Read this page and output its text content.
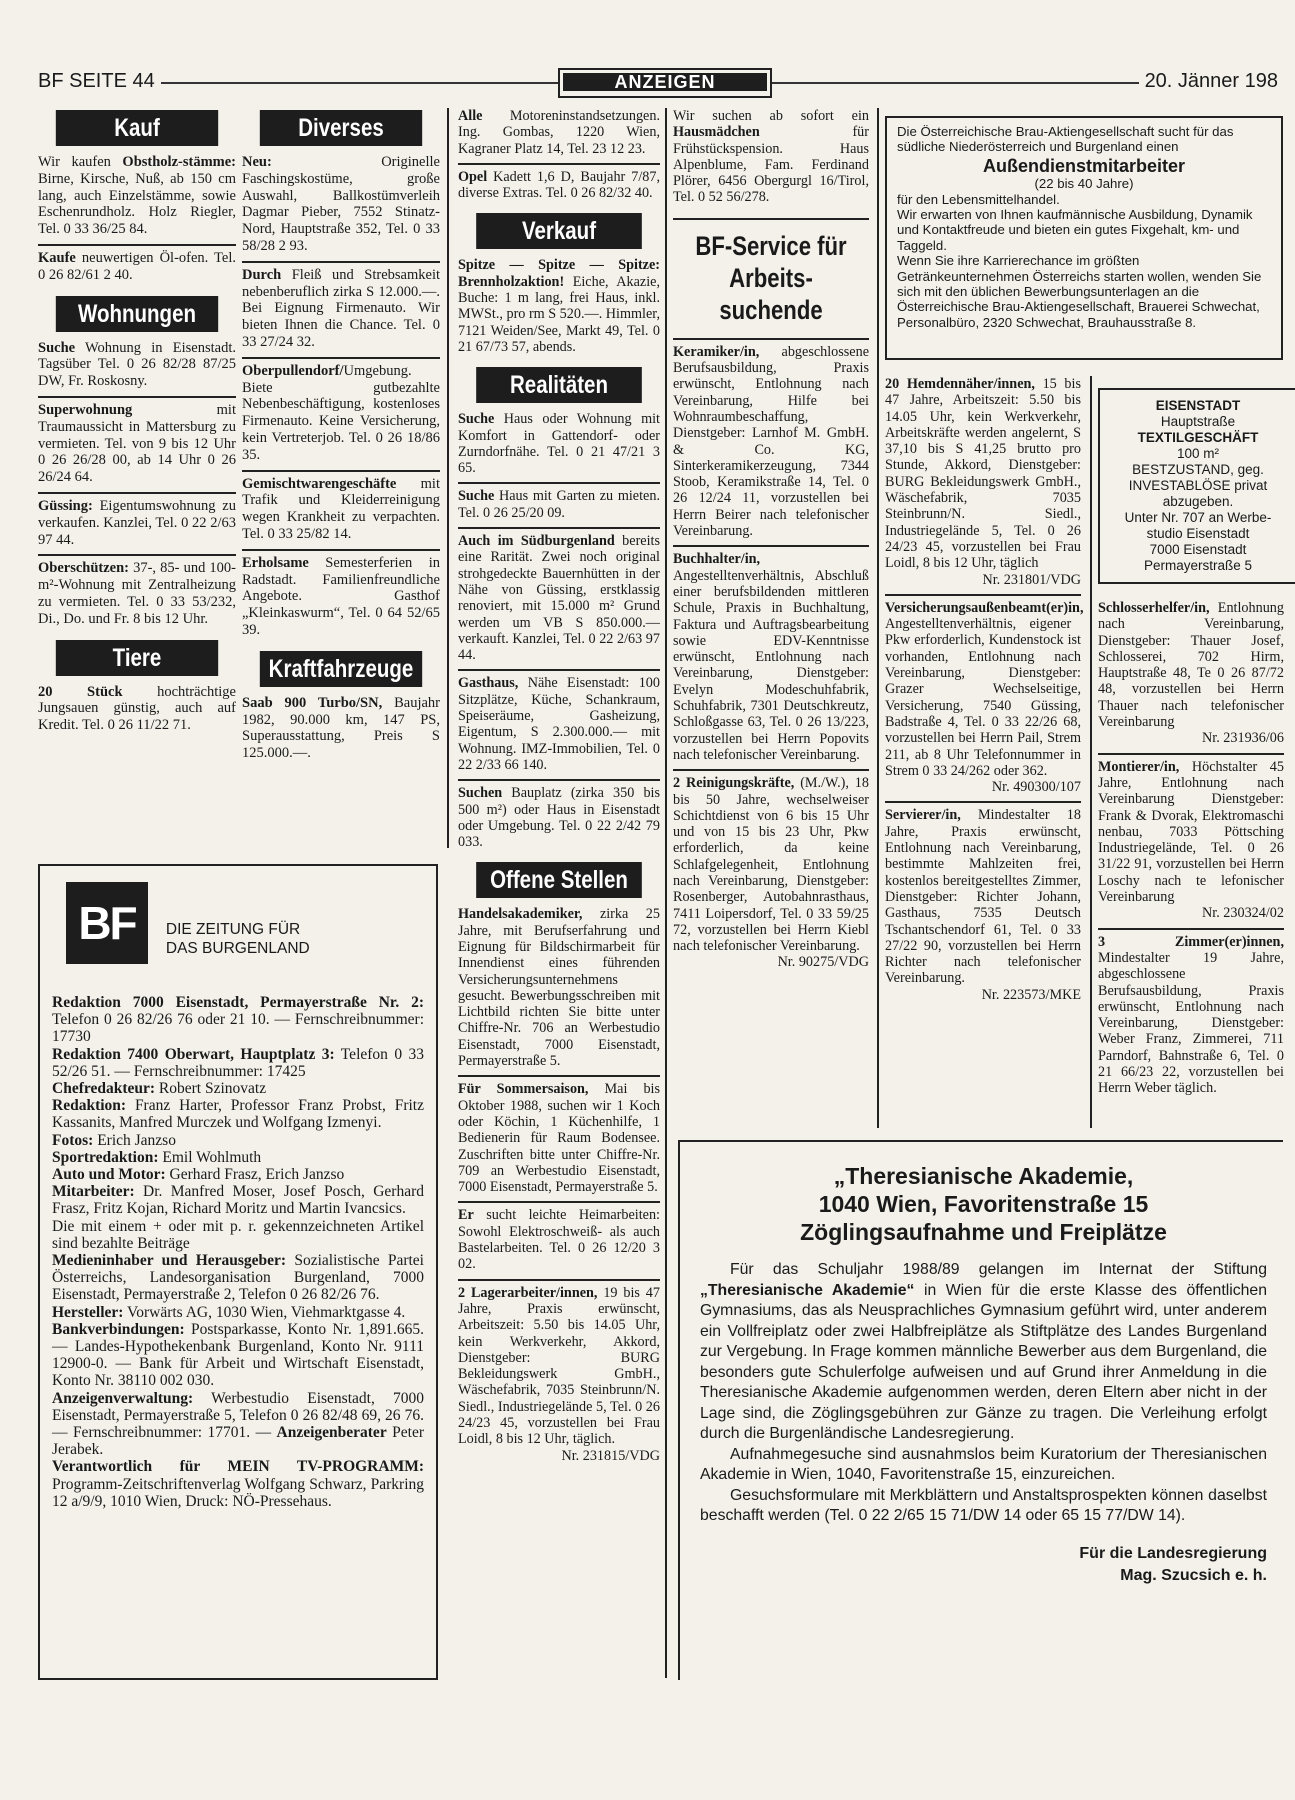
BF SEITE 44	ANZEIGEN	20. Jänner 198
Kauf

Wir kaufen Obstholz-stämme: Birne, Kirsche, Nuß, ab 150 cm lang, auch Einzelstämme, sowie Eschenrundholz. Holz Riegler, Tel. 0 33 36/25 84.

Kaufe neuwertigen Öl-ofen. Tel. 0 26 82/61 2 40.

Wohnungen

Suche Wohnung in Eisenstadt. Tagsüber Tel. 0 26 82/28 87/25 DW, Fr. Roskosny.

Superwohnung mit Traumaussicht in Mattersburg zu vermieten. Tel. von 9 bis 12 Uhr 0 26 26/28 00, ab 14 Uhr 0 26 26/24 64.

Güssing: Eigentumswohnung zu verkaufen. Kanzlei, Tel. 0 22 2/63 97 44.

Oberschützen: 37-, 85- und 100-m²-Wohnung mit Zentralheizung zu vermieten. Tel. 0 33 53/232, Di., Do. und Fr. 8 bis 12 Uhr.

Tiere

20 Stück hochträchtige Jungsauen günstig, auch auf Kredit. Tel. 0 26 11/22 71.

Diverses

Neu: Originelle Faschingskostüme, große Auswahl, Ballkostümverleih Dagmar Pieber, 7552 Stinatz-Nord, Hauptstraße 352, Tel. 0 33 58/28 2 93.

Durch Fleiß und Strebsamkeit nebenberuflich zirka S 12.000.—. Bei Eignung Firmenauto. Wir bieten Ihnen die Chance. Tel. 0 33 27/24 32.

Oberpullendorf/Umgebung. Biete gutbezahlte Nebenbeschäftigung, kostenloses Firmenauto. Keine Versicherung, kein Vertreterjob. Tel. 0 26 18/86 35.

Gemischtwarengeschäfte mit Trafik und Kleiderreinigung wegen Krankheit zu verpachten. Tel. 0 33 25/82 14.

Erholsame Semesterferien in Radstadt. Familienfreundliche Angebote. Gasthof „Kleinkaswurm“, Tel. 0 64 52/65 39.

Kraftfahrzeuge

Saab 900 Turbo/SN, Baujahr 1982, 90.000 km, 147 PS, Superausstattung, Preis S 125.000.—.

BF DIE ZEITUNG FÜR
DAS BURGENLAND

Redaktion 7000 Eisenstadt, Permayerstraße Nr. 2: Telefon 0 26 82/26 76 oder 21 10. — Fernschreibnummer: 17730

Redaktion 7400 Oberwart, Hauptplatz 3: Telefon 0 33 52/26 51. — Fernschreibnummer: 17425

Chefredakteur: Robert Szinovatz

Redaktion: Franz Harter, Professor Franz Probst, Fritz Kassanits, Manfred Murczek und Wolfgang Izmenyi.

Fotos: Erich Janzso

Sportredaktion: Emil Wohlmuth

Auto und Motor: Gerhard Frasz, Erich Janzso

Mitarbeiter: Dr. Manfred Moser, Josef Posch, Gerhard Frasz, Fritz Kojan, Richard Moritz und Martin Ivancsics.

Die mit einem + oder mit p. r. gekennzeichneten Artikel sind bezahlte Beiträge

Medieninhaber und Herausgeber: Sozialistische Partei Österreichs, Landesorganisation Burgenland, 7000 Eisenstadt, Permayerstraße 2, Telefon 0 26 82/26 76.

Hersteller: Vorwärts AG, 1030 Wien, Viehmarktgasse 4.

Bankverbindungen: Postsparkasse, Konto Nr. 1,891.665. — Landes-Hypothekenbank Burgenland, Konto Nr. 9111 12900-0. — Bank für Arbeit und Wirtschaft Eisenstadt, Konto Nr. 38110 002 030.

Anzeigenverwaltung: Werbestudio Eisenstadt, 7000 Eisenstadt, Permayerstraße 5, Telefon 0 26 82/48 69, 26 76. — Fernschreibnummer: 17701. — Anzeigenberater Peter Jerabek.

Verantwortlich für MEIN TV-PROGRAMM: Programm-Zeitschriftenverlag Wolfgang Schwarz, Parkring 12 a/9/9, 1010 Wien, Druck: NÖ-Pressehaus.

Alle Motoreninstandsetzungen. Ing. Gombas, 1220 Wien, Kagraner Platz 14, Tel. 23 12 23.

Opel Kadett 1,6 D, Baujahr 7/87, diverse Extras. Tel. 0 26 82/32 40.

Verkauf

Spitze — Spitze — Spitze: Brennholzaktion! Eiche, Akazie, Buche: 1 m lang, frei Haus, inkl. MWSt., pro rm S 520.—. Himmler, 7121 Weiden/See, Markt 49, Tel. 0 21 67/73 57, abends.

Realitäten

Suche Haus oder Wohnung mit Komfort in Gattendorf- oder Zurndorfnähe. Tel. 0 21 47/21 3 65.

Suche Haus mit Garten zu mieten. Tel. 0 26 25/20 09.

Auch im Südburgenland bereits eine Rarität. Zwei noch original strohgedeckte Bauernhütten in der Nähe von Güssing, erstklassig renoviert, mit 15.000 m² Grund werden um VB S 850.000.— verkauft. Kanzlei, Tel. 0 22 2/63 97 44.

Gasthaus, Nähe Eisenstadt: 100 Sitzplätze, Küche, Schankraum, Speiseräume, Gasheizung, Eigentum, S 2.300.000.— mit Wohnung. IMZ-Immobilien, Tel. 0 22 2/33 66 140.

Suchen Bauplatz (zirka 350 bis 500 m²) oder Haus in Eisenstadt oder Umgebung. Tel. 0 22 2/42 79 033.

Offene Stellen

Handelsakademiker, zirka 25 Jahre, mit Berufserfahrung und Eignung für Bildschirmarbeit für Innendienst eines führenden Versicherungsunternehmens gesucht. Bewerbungsschreiben mit Lichtbild richten Sie bitte unter Chiffre-Nr. 706 an Werbestudio Eisenstadt, 7000 Eisenstadt, Permayerstraße 5.

Für Sommersaison, Mai bis Oktober 1988, suchen wir 1 Koch oder Köchin, 1 Küchenhilfe, 1 Bedienerin für Raum Bodensee. Zuschriften bitte unter Chiffre-Nr. 709 an Werbestudio Eisenstadt, 7000 Eisenstadt, Permayerstraße 5.

Er sucht leichte Heimarbeiten: Sowohl Elektroschweiß- als auch Bastelarbeiten. Tel. 0 26 12/20 3 02.

2 Lagerarbeiter/innen, 19 bis 47 Jahre, Praxis erwünscht, Arbeitszeit: 5.50 bis 14.05 Uhr, kein Werkverkehr, Akkord, Dienstgeber: BURG Bekleidungswerk GmbH., Wäschefabrik, 7035 Steinbrunn/N. Siedl., Industriegelände 5, Tel. 0 26 24/23 45, vorzustellen bei Frau Loidl, 8 bis 12 Uhr, täglich.

Nr. 231815/VDG

Wir suchen ab sofort ein Hausmädchen für Frühstückspension. Haus Alpenblume, Fam. Ferdinand Plörer, 6456 Obergurgl 16/Tirol, Tel. 0 52 56/278.

BF-Service für Arbeits-suchende

Keramiker/in, abgeschlossene Berufsausbildung, Praxis erwünscht, Entlohnung nach Vereinbarung, Hilfe bei Wohnraumbeschaffung, Dienstgeber: Larnhof M. GmbH. & Co. KG, Sinterkeramikerzeugung, 7344 Stoob, Keramikstraße 14, Tel. 0 26 12/24 11, vorzustellen bei Herrn Beirer nach telefonischer Vereinbarung.

Buchhalter/in, Angestelltenverhältnis, Abschluß einer berufsbildenden mittleren Schule, Praxis in Buchhaltung, Faktura und Auftragsbearbeitung sowie EDV-Kenntnisse erwünscht, Entlohnung nach Vereinbarung, Dienstgeber: Evelyn Modeschuhfabrik, Schuhfabrik, 7301 Deutschkreutz, Schloßgasse 63, Tel. 0 26 13/223, vorzustellen bei Herrn Popovits nach telefonischer Vereinbarung.

2 Reinigungskräfte, (M./W.), 18 bis 50 Jahre, wechselweiser Schichtdienst von 6 bis 15 Uhr und von 15 bis 23 Uhr, Pkw erforderlich, da keine Schlafgelegenheit, Entlohnung nach Vereinbarung, Dienstgeber: Rosenberger, Autobahnrasthaus, 7411 Loipersdorf, Tel. 0 33 59/25 72, vorzustellen bei Herrn Kiebl nach telefonischer Vereinbarung.

Nr. 90275/VDG

Die Österreichische Brau-Aktiengesellschaft sucht für das südliche Niederösterreich und Burgenland einen
Außendienstmitarbeiter
(22 bis 40 Jahre)
für den Lebensmittelhandel.
Wir erwarten von Ihnen kaufmännische Ausbildung, Dynamik und Kontaktfreude und bieten ein gutes Fixgehalt, km- und Taggeld.
Wenn Sie ihre Karrierechance im größten Getränkeunternehmen Österreichs starten wollen, wenden Sie sich mit den üblichen Bewerbungsunterlagen an die Österreichische Brau-Aktiengesellschaft, Brauerei Schwechat, Personalbüro, 2320 Schwechat, Brauhausstraße 8.

20 Hemdennäher/innen, 15 bis 47 Jahre, Arbeitszeit: 5.50 bis 14.05 Uhr, kein Werkverkehr, Arbeitskräfte werden angelernt, S 37,10 bis S 41,25 brutto pro Stunde, Akkord, Dienstgeber: BURG Bekleidungswerk GmbH., Wäschefabrik, 7035 Steinbrunn/N. Siedl., Industriegelände 5, Tel. 0 26 24/23 45, vorzustellen bei Frau Loidl, 8 bis 12 Uhr, täglich

Nr. 231801/VDG

Versicherungsaußenbeamt(er)in, Angestelltenverhältnis, eigener Pkw erforderlich, Kundenstock ist vorhanden, Entlohnung nach Vereinbarung, Dienstgeber: Grazer Wechselseitige, Versicherung, 7540 Güssing, Badstraße 4, Tel. 0 33 22/26 68, vorzustellen bei Herrn Pail, Strem 211, ab 8 Uhr Telefonnummer in Strem 0 33 24/262 oder 362.

Nr. 490300/107

Servierer/in, Mindestalter 18 Jahre, Praxis erwünscht, Entlohnung nach Vereinbarung, bestimmte Mahlzeiten frei, kostenlos bereitgestelltes Zimmer, Dienstgeber: Richter Johann, Gasthaus, 7535 Deutsch Tschantschendorf 61, Tel. 0 33 27/22 90, vorzustellen bei Herrn Richter nach telefonischer Vereinbarung.

Nr. 223573/MKE

EISENSTADT
Hauptstraße
TEXTILGESCHÄFT
100 m²
BESTZUSTAND, geg.
INVESTABLÖSE privat
abzugeben.
Unter Nr. 707 an Werbe-
studio Eisenstadt
7000 Eisenstadt
Permayerstraße 5

Schlosserhelfer/in, Entlohnung nach Vereinbarung, Dienstgeber: Thauer Josef, Schlosserei, 702 Hirm, Hauptstraße 48, Te 0 26 87/72 48, vorzustellen bei Herrn Thauer nach telefonischer Vereinbarung

Nr. 231936/06

Montierer/in, Höchstalter 45 Jahre, Entlohnung nach Vereinbarung Dienstgeber: Frank & Dvorak, Elektromaschi nenbau, 7033 Pöttsching Industriegelände, Tel. 0 26 31/22 91, vorzustellen bei Herrn Loschy nach te lefonischer Vereinbarung

Nr. 230324/02

3 Zimmer(er)innen, Mindestalter 19 Jahre, abgeschlossene Berufsausbildung, Praxis erwünscht, Entlohnung nach Vereinbarung, Dienstgeber: Weber Franz, Zimmerei, 711 Parndorf, Bahnstraße 6, Tel. 0 21 66/23 22, vorzustellen bei Herrn Weber täglich.

„Theresianische Akademie,
1040 Wien, Favoritenstraße 15
Zöglingsaufnahme und Freiplätze

Für das Schuljahr 1988/89 gelangen im Internat der Stiftung „Theresianische Akademie“ in Wien für die erste Klasse des öffentlichen Gymnasiums, das als Neusprachliches Gymnasium geführt wird, unter anderem ein Vollfreiplatz oder zwei Halbfreiplätze als Stiftplätze des Landes Burgenland zur Vergebung. In Frage kommen männliche Bewerber aus dem Burgenland, die besonders gute Schulerfolge aufweisen und auf Grund ihrer Anmeldung in die Theresianische Akademie aufgenommen werden, deren Eltern aber nicht in der Lage sind, die Zöglingsgebühren zur Gänze zu tragen. Die Verleihung erfolgt durch die Burgenländische Landesregierung.

Aufnahmegesuche sind ausnahmslos beim Kuratorium der Theresianischen Akademie in Wien, 1040, Favoritenstraße 15, einzureichen.

Gesuchsformulare mit Merkblättern und Anstaltsprospekten können daselbst beschafft werden (Tel. 0 22 2/65 15 71/DW 14 oder 65 15 77/DW 14).

Für die Landesregierung
Mag. Szucsich e. h.
